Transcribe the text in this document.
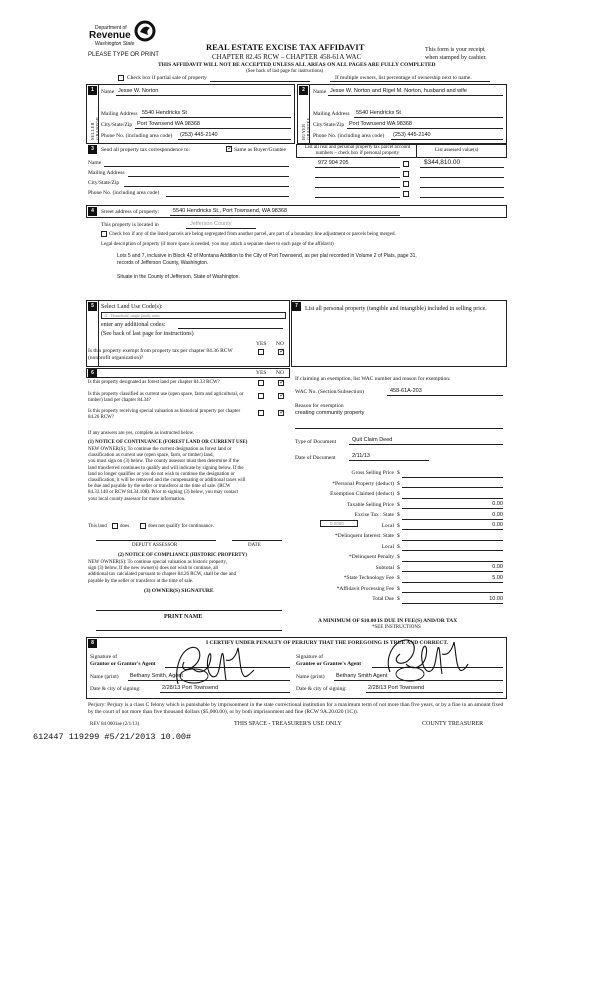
Department of
Revenue
Washington State
PLEASE TYPE OR PRINT
REAL ESTATE EXCISE TAX AFFIDAVIT
CHAPTER 82.45 RCW – CHAPTER 458-61A WAC
THIS AFFIDAVIT WILL NOT BE ACCEPTED UNLESS ALL AREAS ON ALL PAGES ARE FULLY COMPLETED
(See back of last page for instructions)
This form is your receipt
when stamped by cashier.
Check box if partial sale of property	If multiple owners, list percentage of ownership next to name.
1
SELLER GRANTOR
Name Jesse W. Norton
Mailing Address 5540 Hendricks St
City/State/Zip Port Townsend WA 98368
Phone No. (including area code) (253) 445-2140
2
BUYER GRANTEE
Name Jesse W. Norton and Rigel M. Norton, husband and wife
Mailing Address 5540 Hendricks St
City/State/Zip Port Townsend WA 98368
Phone No. (including area code) (253) 445-2140
3	Send all property tax correspondence to:
✓	Same as Buyer/Grantee	List all real and personal property tax parcel account numbers – check box if personal property	List assessed value(s)
Name
Mailing Address
City/State/Zip
Phone No. (including area code)
972 904 205	$344,810.00
4	Street address of property:	5540 Hendricks St., Port Townsend, WA 98368
This property is located in	Jefferson County
Check box if any of the listed parcels are being segregated from another parcel, are part of a boundary line adjustment or parcels being merged.
Legal description of property (if more space is needed, you may attach a separate sheet to each page of the affidavit)
Lots 5 and 7, inclusive in Block 42 of Montana Addition to the City of Port Townsend, as per plat recorded in Volume 2 of Plats, page 31,
records of Jefferson County, Washington.
Situate in the County of Jefferson, State of Washington.
5	Select Land Use Code(s):
11 - Household, single family units
enter any additional codes:
(See back of last page for instructions)
YES NO
Is this property exempt from property tax per chapter 84.36 RCW (nonprofit organization)?
✓
6	YES NO
Is this property designated as forest land per chapter 84.33 RCW?
✓
Is this property classified as current use (open space, farm and agricultural, or timber) land per chapter 84.34?
✓
Is this property receiving special valuation as historical property per chapter 84.26 RCW?
✓
If any answers are yes, complete as instructed below.
(1) NOTICE OF CONTINUANCE (FOREST LAND OR CURRENT USE)
NEW OWNER(S): To continue the current designation as forest land or
classification as current use (open space, farm, or timber) land,
you must sign on (3) below. The county assessor must then determine if the
land transferred continues to qualify and will indicate by signing below. If the
land no longer qualifies or you do not wish to continue the designation or
classification, it will be removed and the compensating or additional taxes will
be due and payable by the seller or transferor at the time of sale. (RCW
84.33.140 or RCW 84.34.108). Prior to signing (3) below, you may contact
your local county assessor for more information.
This land	does	does not qualify for continuance.
DEPUTY ASSESSOR	DATE
(2) NOTICE OF COMPLIANCE (HISTORIC PROPERTY)
NEW OWNER(S): To continue special valuation as historic property,
sign (3) below. If the new owner(s) does not wish to continue, all
additional tax calculated pursuant to chapter 84.26 RCW, shall be due and
payable by the seller or transferor at the time of sale.
(3) OWNER(S) SIGNATURE
PRINT NAME
7	List all personal property (tangible and intangible) included in selling price.
If claiming an exemption, list WAC number and reason for exemption:
WAC No. (Section/Subsection)	458-61A-203
Reason for exemption
creating community property
Type of Document	Quit Claim Deed
Date of Document	2/11/13
Gross Selling Price $
*Personal Property (deduct) $
Exemption Claimed (deduct) $
Taxable Selling Price $	0.00
Excise Tax : State $	0.00
Local $	0.00
*Delinquent Interest: State $
Local $
*Delinquent Penalty $
Subtotal $	0.00
*State Technology Fee $	5.00
*Affidavit Processing Fee $
Total Due $	10.00
0.0050
A MINIMUM OF $10.00 IS DUE IN FEE(S) AND/OR TAX
*SEE INSTRUCTIONS
8	I CERTIFY UNDER PENALTY OF PERJURY THAT THE FOREGOING IS TRUE AND CORRECT.
Signature of
Grantor or Grantor's Agent
Name (print) Bethany Smith, Agent
Date & city of signing:	2/28/13 Port Townsend
Signature of
Grantee or Grantee's Agent
Name (print) Bethany Smith Agent
Date & city of signing:	2/28/13 Port Townsend
Perjury: Perjury is a class C felony which is punishable by imprisonment in the state correctional institution for a maximum term of not more than five years, or by a fine in an amount fixed by the court of not more than five thousand dollars ($5,000.00), or by both imprisonment and fine (RCW 9A.20.020 (1C)).
REV 84 0001ae (2/1/13)	THIS SPACE - TREASURER'S USE ONLY	COUNTY TREASURER
612447 119299 #5/21/2013 10.00#
